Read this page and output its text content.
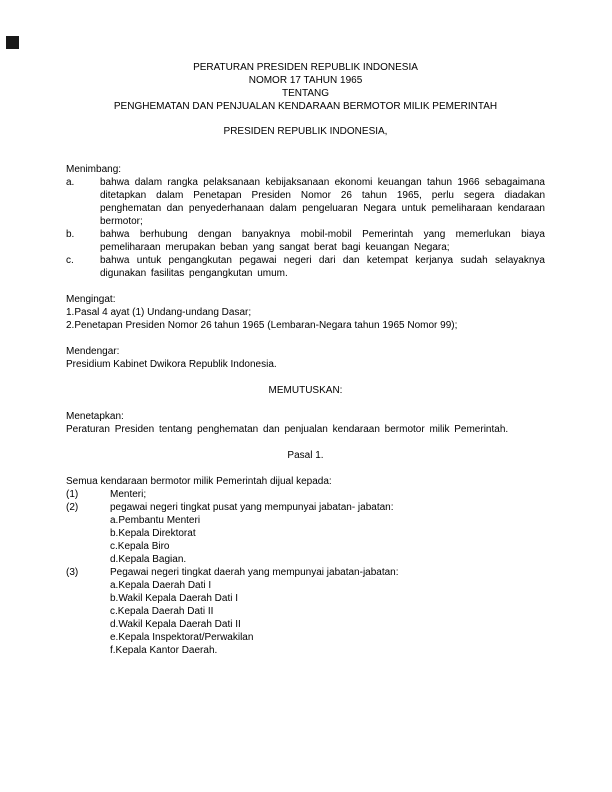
PERATURAN PRESIDEN REPUBLIK INDONESIA
NOMOR 17 TAHUN 1965
TENTANG
PENGHEMATAN DAN PENJUALAN KENDARAAN BERMOTOR MILIK PEMERINTAH
PRESIDEN REPUBLIK INDONESIA,
Menimbang:
a.	bahwa dalam rangka pelaksanaan kebijaksanaan ekonomi keuangan tahun 1966 sebagaimana ditetapkan dalam Penetapan Presiden Nomor 26 tahun 1965, perlu segera diadakan penghematan dan penyederhanaan dalam pengeluaran Negara untuk pemeliharaan kendaraan bermotor;
b.	bahwa berhubung dengan banyaknya mobil-mobil Pemerintah yang memerlukan biaya pemeliharaan merupakan beban yang sangat berat bagi keuangan Negara;
c.	bahwa untuk pengangkutan pegawai negeri dari dan ketempat kerjanya sudah selayaknya digunakan fasilitas pengangkutan umum.
Mengingat:
1.Pasal 4 ayat (1) Undang-undang Dasar;
2.Penetapan Presiden Nomor 26 tahun 1965 (Lembaran-Negara tahun 1965 Nomor 99);
Mendengar:
Presidium Kabinet Dwikora Republik Indonesia.
MEMUTUSKAN:
Menetapkan:
Peraturan Presiden tentang penghematan dan penjualan kendaraan bermotor milik Pemerintah.
Pasal 1.
Semua kendaraan bermotor milik Pemerintah dijual kepada:
(1)	Menteri;
(2)	pegawai negeri tingkat pusat yang mempunyai jabatan- jabatan:
a.Pembantu Menteri
b.Kepala Direktorat
c.Kepala Biro
d.Kepala Bagian.
(3)	Pegawai negeri tingkat daerah yang mempunyai jabatan-jabatan:
a.Kepala Daerah Dati I
b.Wakil Kepala Daerah Dati I
c.Kepala Daerah Dati II
d.Wakil Kepala Daerah Dati II
e.Kepala Inspektorat/Perwakilan
f.Kepala Kantor Daerah.
